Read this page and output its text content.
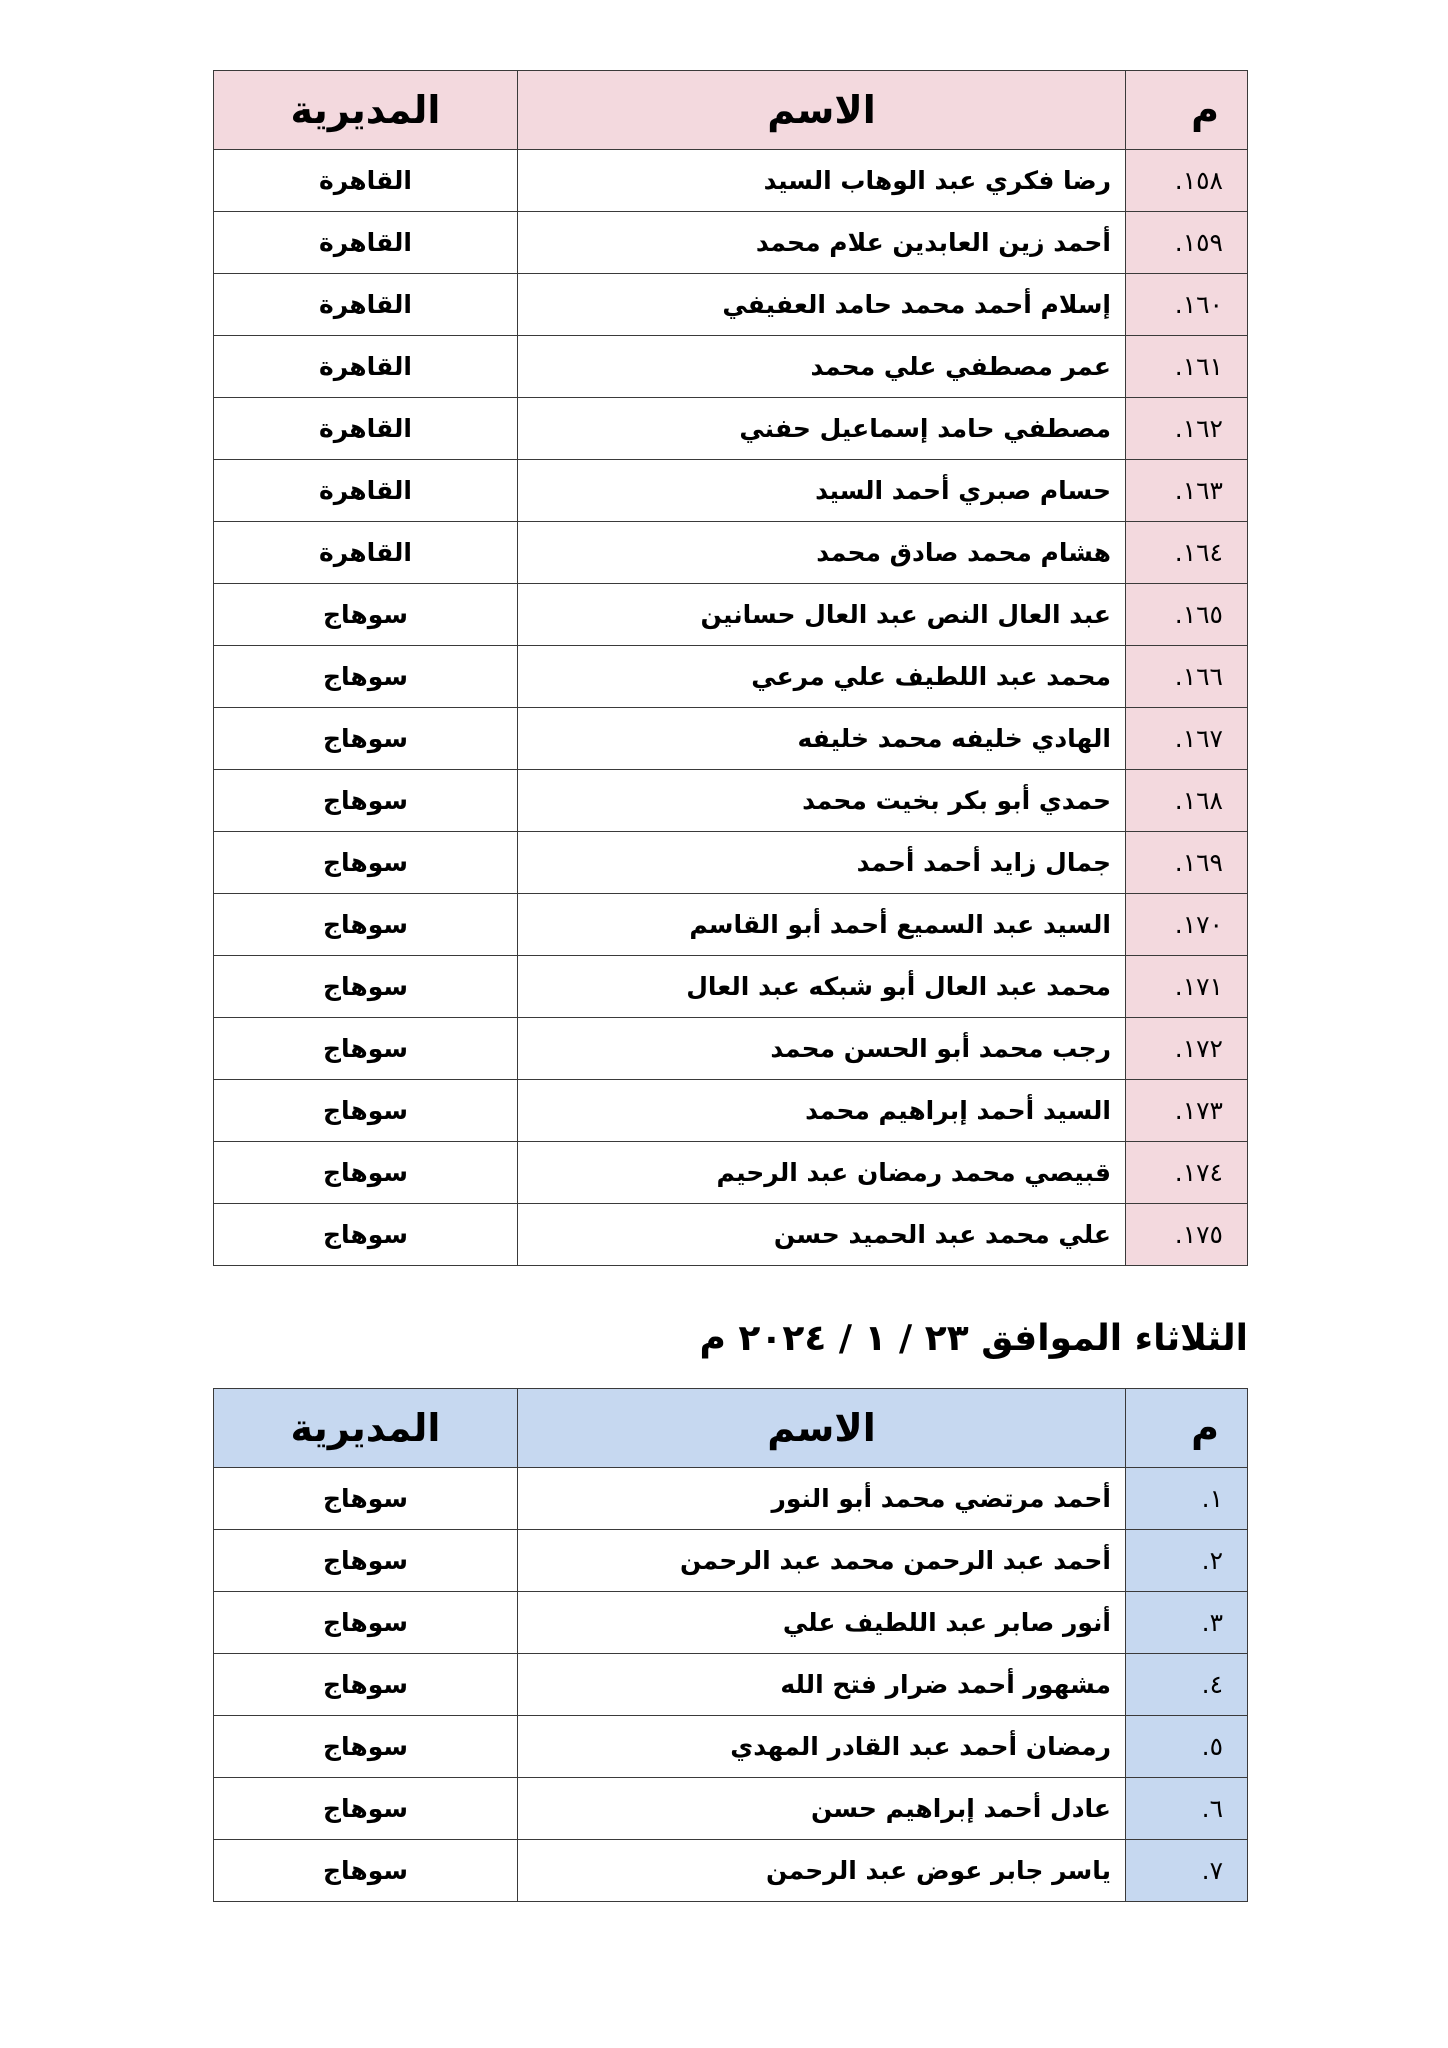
م	الاسم	المديرية
١٥٨.	رضا فكري عبد الوهاب السيد	القاهرة
١٥٩.	أحمد زين العابدين علام محمد	القاهرة
١٦٠.	إسلام أحمد محمد حامد العفيفي	القاهرة
١٦١.	عمر مصطفي علي محمد	القاهرة
١٦٢.	مصطفي حامد إسماعيل حفني	القاهرة
١٦٣.	حسام صبري أحمد السيد	القاهرة
١٦٤.	هشام محمد صادق محمد	القاهرة
١٦٥.	عبد العال النص عبد العال حسانين	سوهاج
١٦٦.	محمد عبد اللطيف علي مرعي	سوهاج
١٦٧.	الهادي خليفه محمد خليفه	سوهاج
١٦٨.	حمدي أبو بكر بخيت محمد	سوهاج
١٦٩.	جمال زايد أحمد أحمد	سوهاج
١٧٠.	السيد عبد السميع أحمد أبو القاسم	سوهاج
١٧١.	محمد عبد العال أبو شبكه عبد العال	سوهاج
١٧٢.	رجب محمد أبو الحسن محمد	سوهاج
١٧٣.	السيد أحمد إبراهيم محمد	سوهاج
١٧٤.	قبيصي محمد رمضان عبد الرحيم	سوهاج
١٧٥.	علي محمد عبد الحميد حسن	سوهاج
الثلاثاء الموافق ٢٣ / ١ / ٢٠٢٤ م
م	الاسم	المديرية
١.	أحمد مرتضي محمد أبو النور	سوهاج
٢.	أحمد عبد الرحمن محمد عبد الرحمن	سوهاج
٣.	أنور صابر عبد اللطيف علي	سوهاج
٤.	مشهور أحمد ضرار فتح الله	سوهاج
٥.	رمضان أحمد عبد القادر المهدي	سوهاج
٦.	عادل أحمد إبراهيم حسن	سوهاج
٧.	ياسر جابر عوض عبد الرحمن	سوهاج
